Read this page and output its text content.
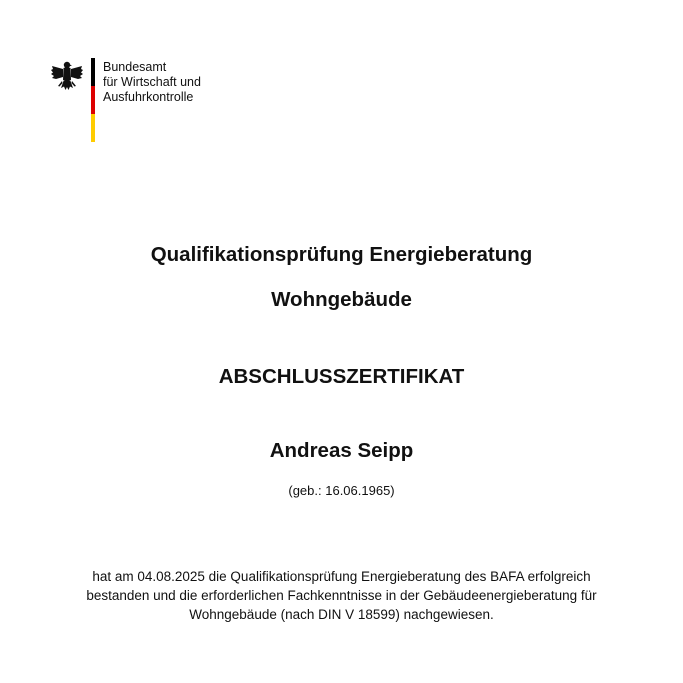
Bundesamt
für Wirtschaft und
Ausfuhrkontrolle
Qualifikationsprüfung Energieberatung
Wohngebäude
ABSCHLUSSZERTIFIKAT
Andreas Seipp
(geb.: 16.06.1965)
hat am 04.08.2025 die Qualifikationsprüfung Energieberatung des BAFA erfolgreich
bestanden und die erforderlichen Fachkenntnisse in der Gebäudeenergieberatung für
Wohngebäude (nach DIN V 18599) nachgewiesen.
